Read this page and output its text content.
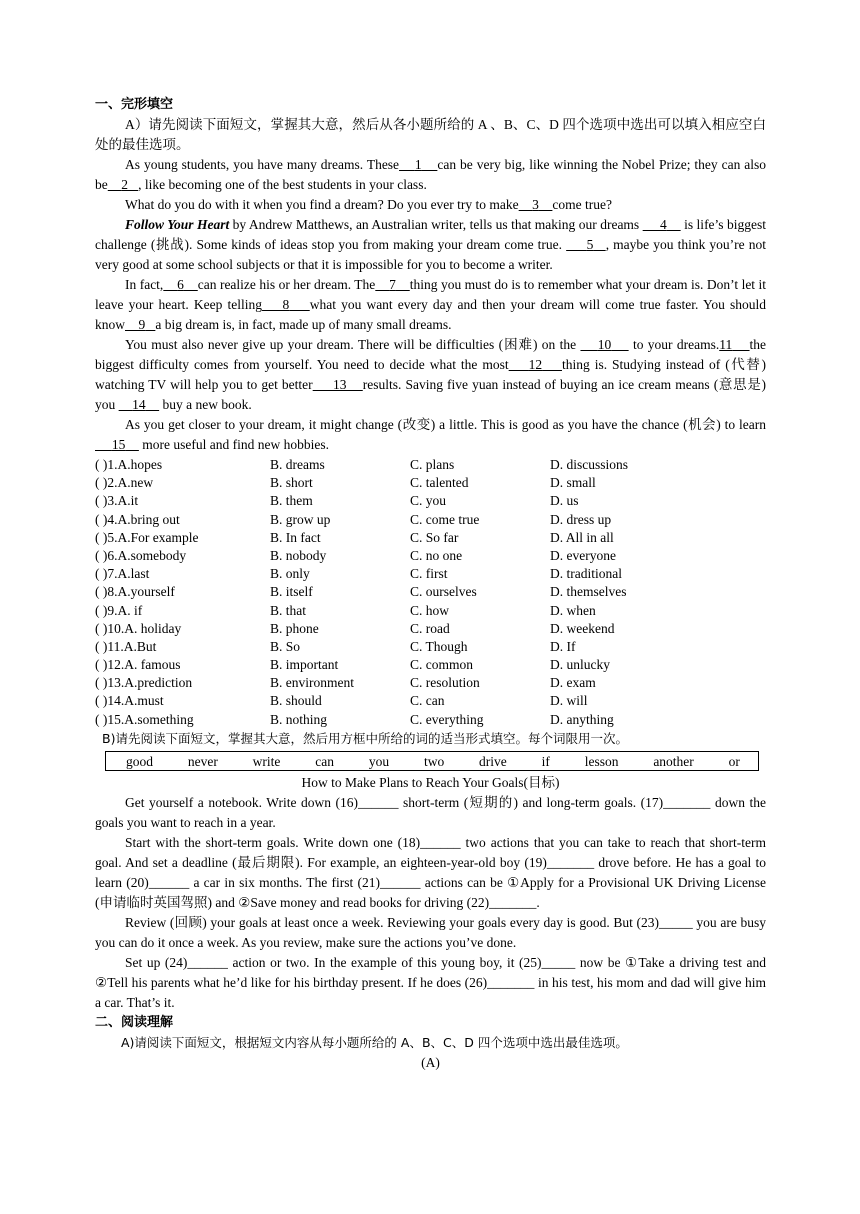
一、完形填空

A）请先阅读下面短文，掌握其大意，然后从各小题所给的 A 、B、C、D 四个选项中选出可以填入相应空白处的最佳选项。

As young students, you have many dreams. These 1 can be very big, like winning the Nobel Prize; they can also be 2 , like becoming one of the best students in your class.

What do you do with it when you find a dream? Do you ever try to make 3 come true?

Follow Your Heart by Andrew Matthews, an Australian writer, tells us that making our dreams      4     is life’s biggest challenge (挑战). Some kinds of ideas stop you from making your dream come true.      5 , maybe you think you’re not very good at some school subjects or that it is impossible for you to become a writer.

In fact, 6 can realize his or her dream. The 7 thing you must do is to remember what your dream is. Don’t let it leave your heart. Keep telling 8 what you want every day and then your dream will come true faster. You should know 9 a big dream is, in fact, made up of many small dreams.

You must also never give up your dream. There will be difficulties (困难) on the     10     to your dreams.11 the biggest difficulty comes from yourself. You need to decide what the most 12 thing is. Studying instead of (代替) watching TV will help you to get better 13 results. Saving five yuan instead of buying an ice cream means (意思是) you     14     buy a new book.

As you get closer to your dream, it might change (改变) a little. This is good as you have the chance (机会) to learn      15     more useful and find new hobbies.

( )1.A.hopes	B. dreams	C. plans	D. discussions
( )2.A.new	B. short	C. talented	D. small
( )3.A.it	B. them	C. you	D. us
( )4.A.bring out	B. grow up	C. come true	D. dress up
( )5.A.For example	B. In fact	C. So far	D. All in all
( )6.A.somebody	B. nobody	C. no one	D. everyone
( )7.A.last	B. only	C. first	D. traditional
( )8.A.yourself	B. itself	C. ourselves	D. themselves
( )9.A. if	B. that	C. how	D. when
( )10.A. holiday	B. phone	C. road	D. weekend
( )11.A.But	B. So	C. Though	D. If
( )12.A. famous	B. important	C. common	D. unlucky
( )13.A.prediction	B. environment	C. resolution	D. exam
( )14.A.must	B. should	C. can	D. will
( )15.A.something	B. nothing	C. everything	D. anything
B)请先阅读下面短文，掌握其大意，然后用方框中所给的词的适当形式填空。每个词限用一次。
good	never	write	can	you	two	drive	if	lesson	another	or
How to Make Plans to Reach Your Goals(目标)

Get yourself a notebook. Write down (16)______ short-term (短期的) and long-term goals. (17)_______ down the goals you want to reach in a year.

Start with the short-term goals. Write down one (18)______ two actions that you can take to reach that short-term goal. And set a deadline (最后期限). For example, an eighteen-year-old boy (19)_______ drove before. He has a goal to learn (20)______ a car in six months. The first (21)______ actions can be ①Apply for a Provisional UK Driving License (申请临时英国驾照) and ②Save money and read books for driving (22)_______.

Review (回顾) your goals at least once a week. Reviewing your goals every day is good. But (23)_____ you are busy you can do it once a week. As you review, make sure the actions you’ve done.

Set up (24)______ action or two. In the example of this young boy, it (25)_____ now be ①Take a driving test and ②Tell his parents what he’d like for his birthday present. If he does (26)_______ in his test, his mom and dad will give him a car. That’s it.

二、阅读理解
A)请阅读下面短文，根据短文内容从每小题所给的 A、B、C、D 四个选项中选出最佳选项。
(A)
